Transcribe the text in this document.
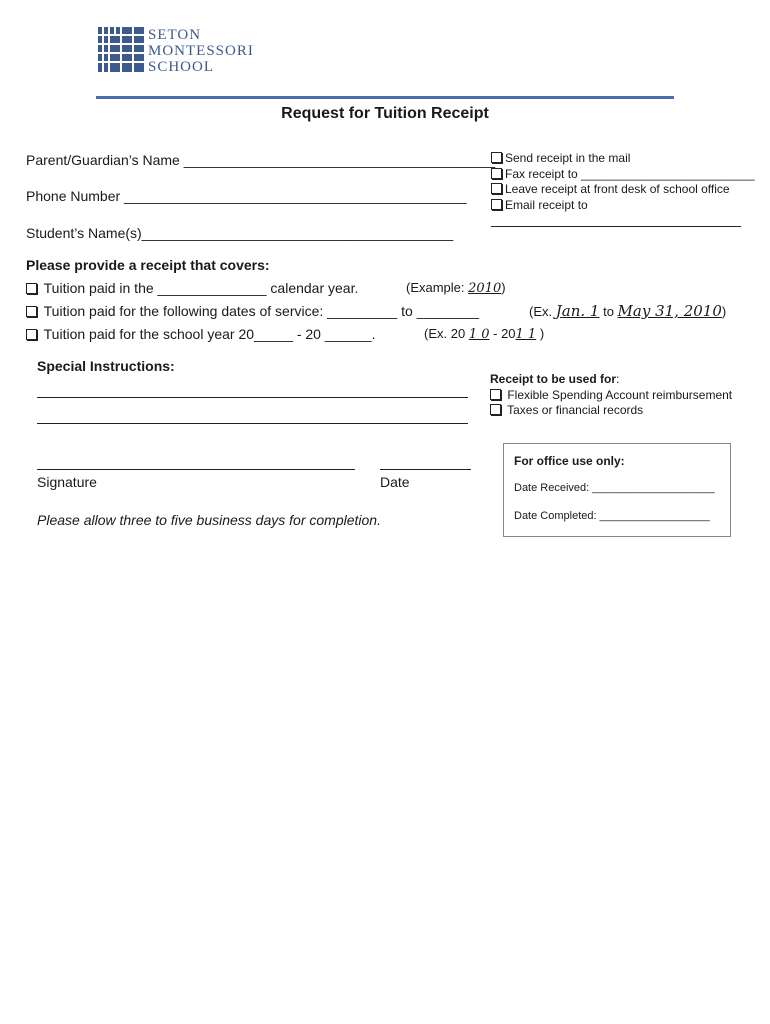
SETON
MONTESSORI
SCHOOL
Request for Tuition Receipt
Parent/Guardian’s Name ________________________________________
Phone Number ____________________________________________
Student’s Name(s)________________________________________
Send receipt in the mail
Fax receipt to __________________________
Leave receipt at front desk of school office
Email receipt to
Please provide a receipt that covers:
Tuition paid in the ______________ calendar year.	(Example: 2010)
Tuition paid for the following dates of service: _________ to ________	(Ex. Jan. 1 to May 31, 2010)
Tuition paid for the school year 20_____ - 20 ______.	(Ex. 20 1 0 - 201 1 )
Special Instructions:
Receipt to be used for:
Flexible Spending Account reimbursement
Taxes or financial records
Signature	Date
Please allow three to five business days for completion.
For office use only:
Date Received: ____________________
Date Completed: __________________
